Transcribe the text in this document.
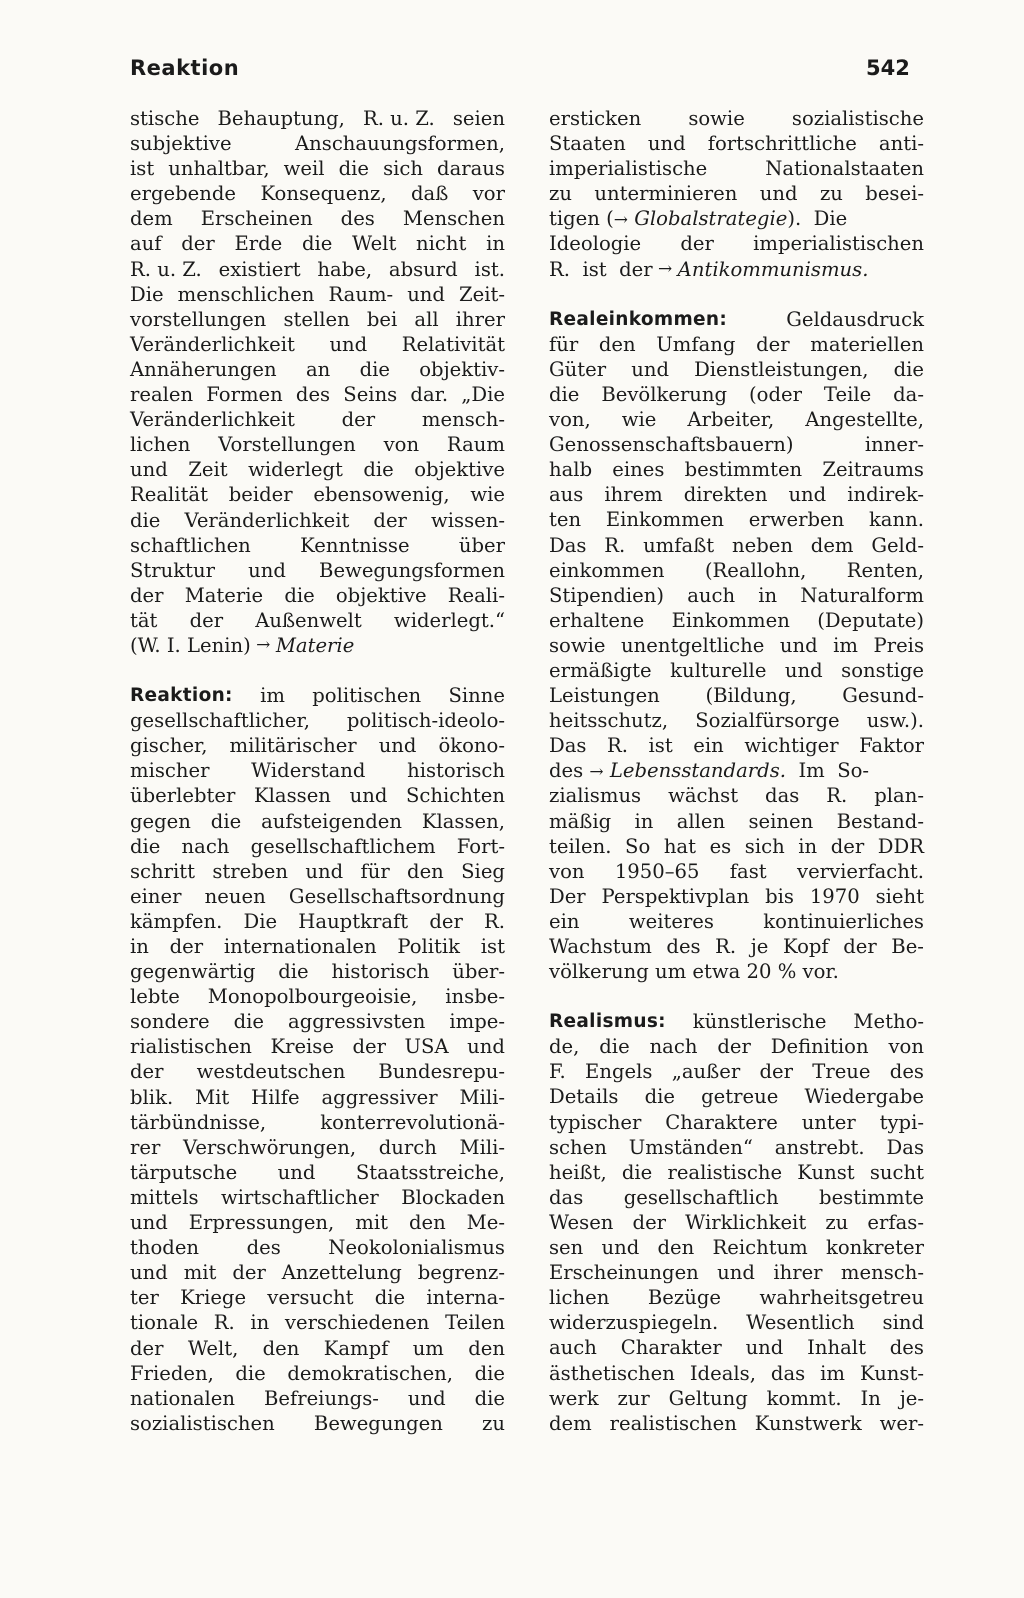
Reaktion	542
stische Behauptung, R. u. Z. seien
subjektive	Anschauungsformen,
ist unhaltbar, weil die sich daraus
ergebende Konsequenz, daß vor
dem Erscheinen des Menschen
auf der Erde die Welt nicht in
R. u. Z. existiert habe, absurd ist.
Die menschlichen Raum- und Zeit-
vorstellungen stellen bei all ihrer
Veränderlichkeit und Relativität
Annäherungen an die objektiv-
realen Formen des Seins dar. „Die
Veränderlichkeit der mensch-
lichen Vorstellungen von Raum
und Zeit widerlegt die objektive
Realität beider ebensowenig, wie
die Veränderlichkeit der wissen-
schaftlichen	Kenntnisse	über
Struktur und Bewegungsformen
der Materie die objektive Reali-
tät der Außenwelt widerlegt.“
(W. I. Lenin) → Materie
Reaktion: im politischen Sinne
gesellschaftlicher, politisch-ideolo-
gischer, militärischer und ökono-
mischer Widerstand historisch
überlebter Klassen und Schichten
gegen die aufsteigenden Klassen,
die nach gesellschaftlichem Fort-
schritt streben und für den Sieg
einer neuen Gesellschaftsordnung
kämpfen. Die Hauptkraft der R.
in der internationalen Politik ist
gegenwärtig die historisch über-
lebte Monopolbourgeoisie, insbe-
sondere die aggressivsten impe-
rialistischen Kreise der USA und
der westdeutschen Bundesrepu-
blik. Mit Hilfe aggressiver Mili-
tärbündnisse,	konterrevolutionä-
rer Verschwörungen, durch Mili-
tärputsche und Staatsstreiche,
mittels wirtschaftlicher Blockaden
und Erpressungen, mit den Me-
thoden des Neokolonialismus
und mit der Anzettelung begrenz-
ter Kriege versucht die interna-
tionale R. in verschiedenen Teilen
der Welt, den Kampf um den
Frieden, die demokratischen, die
nationalen Befreiungs- und die
sozialistischen Bewegungen zu
ersticken sowie sozialistische
Staaten und fortschrittliche anti-
imperialistische	Nationalstaaten
zu unterminieren und zu besei-
tigen (→ Globalstrategie).  Die
Ideologie der imperialistischen
R.  ist  der → Antikommunismus.
Realeinkommen:	Geldausdruck
für den Umfang der materiellen
Güter und Dienstleistungen, die
die Bevölkerung (oder Teile da-
von, wie Arbeiter, Angestellte,
Genossenschaftsbauern)	inner-
halb eines bestimmten Zeitraums
aus ihrem direkten und indirek-
ten Einkommen erwerben kann.
Das R. umfaßt neben dem Geld-
einkommen (Reallohn, Renten,
Stipendien) auch in Naturalform
erhaltene Einkommen (Deputate)
sowie unentgeltliche und im Preis
ermäßigte kulturelle und sonstige
Leistungen (Bildung, Gesund-
heitsschutz, Sozialfürsorge usw.).
Das R. ist ein wichtiger Faktor
des → Lebensstandards.  Im  So-
zialismus wächst das R. plan-
mäßig in allen seinen Bestand-
teilen. So hat es sich in der DDR
von 1950–65 fast vervierfacht.
Der Perspektivplan bis 1970 sieht
ein	weiteres	kontinuierliches
Wachstum des R. je Kopf der Be-
völkerung um etwa 20 % vor.
Realismus: künstlerische Metho-
de, die nach der Definition von
F. Engels „außer der Treue des
Details die getreue Wiedergabe
typischer Charaktere unter typi-
schen Umständen“ anstrebt. Das
heißt, die realistische Kunst sucht
das gesellschaftlich bestimmte
Wesen der Wirklichkeit zu erfas-
sen und den Reichtum konkreter
Erscheinungen und ihrer mensch-
lichen Bezüge wahrheitsgetreu
widerzuspiegeln. Wesentlich sind
auch Charakter und Inhalt des
ästhetischen Ideals, das im Kunst-
werk zur Geltung kommt. In je-
dem realistischen Kunstwerk wer-
